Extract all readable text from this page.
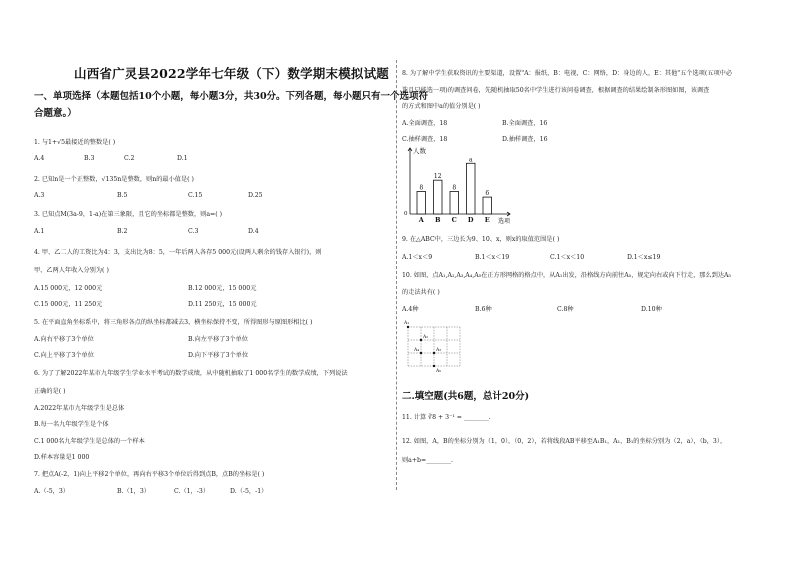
山西省广灵县2022学年七年级（下）数学期末模拟试题
一、单项选择（本题包括10个小题，每小题3分，共30分。下列各题，每小题只有一个选项符
合题意。）
1. 与1+√5最接近的整数是( )
A.4	B.3	C.2	D.1
2. 已知n是一个正整数，√135n是整数，则n的最小值是( )
A.3	B.5	C.15	D.25
3. 已知点M(3a-9，1-a)在第三象限，且它的坐标都是整数，则a=( )
A.1	B.2	C.3	D.4
4. 甲、乙二人的工资比为4：3，支出比为8：5，一年后两人各存5 000元(设两人剩余的钱存入银行)，则
甲、乙两人年收入分别为( )
A.15 000元，12 000元	B.12 000元，15 000元
C.15 000元，11 250元	D.11 250元，15 000元
5. 在平面直角坐标系中，将三角形各点的纵坐标都减去3，横坐标保持不变，所得图形与原图形相比( )
A.向右平移了3个单位	B.向左平移了3个单位
C.向上平移了3个单位	D.向下平移了3个单位
6. 为了了解2022年某市九年级学生学业水平考试的数学成绩，从中随机抽取了1 000名学生的数学成绩，下列说法
正确的是( )
A.2022年某市九年级学生是总体
B.每一名九年级学生是个体
C.1 000名九年级学生是总体的一个样本
D.样本容量是1 000
7. 把点A(-2，1)向上平移2个单位，再向右平移3个单位后得到点B，点B的坐标是( )
A.（-5，3）	B.（1，3）	C.（1，-3）	D.（-5，-1）
8. 为了解中学生获取资讯的主要渠道，设置"A：报纸，B：电视，C：网络，D：身边的人，E：其他"五个选项(五项中必
选且只能选一项)的调查问卷，先随机抽取50名中学生进行该问卷调查，根据调查的结果绘制条形图如图，该调查
的方式和图中a的值分别是( )
A.全面调查，18	B.全面调查，16
C.抽样调查，18	D.抽样调查，16
人数
选项
0
8
A
12
B
8
C
a
D
6
E
9. 在△ABC中，三边长为9、10、x，则x的取值范围是( )
A.1＜x＜9	B.1＜x＜19	C.1＜x＜10	D.1＜x≤19
10. 如图，点A₁,A₂,A₃,A₄,A₅在正方形网格的格点中，从A₁出发，沿格线方向前往A₅，规定向右或向下行走，那么到达A₅
的走法共有( )
A.4种	B.6种	C.8种	D.10种
A₁
A₂
A₃
A₄
A₅
二.填空题(共6题，总计20分)
11. 计算 ∛8 + 3⁻¹ = ________.
12. 如图，A，B的坐标分别为（1，0），（0，2），若将线段AB平移至A₁B₁，A₁，B₁的坐标分别为（2，a），（b，3），
则a+b=________.
